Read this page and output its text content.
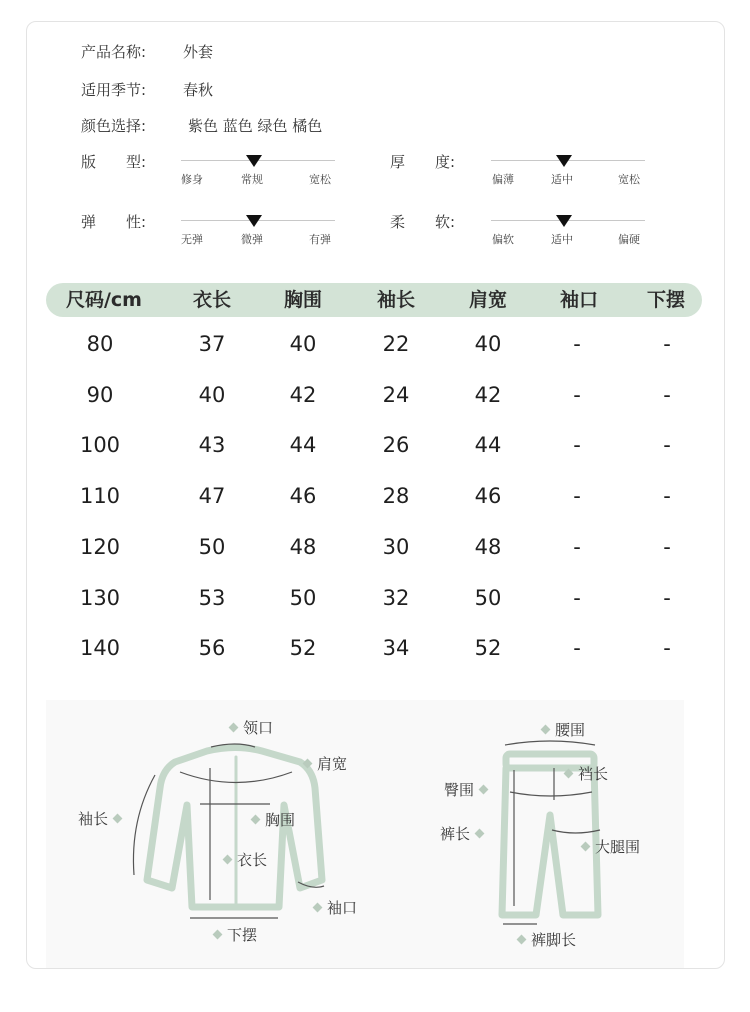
产品名称: 外套
适用季节: 春秋
颜色选择:	紫色 蓝色 绿色 橘色
版　　型:
修身	常规	宽松
厚　　度:
偏薄	适中	宽松
弹　　性:
无弹	微弹	有弹
柔　　软:
偏软	适中	偏硬
尺码/cm	衣长	胸围	袖长	肩宽	袖口	下摆
80	37	40	22	40	-	-
90	40	42	24	42	-	-
100	43	44	26	44	-	-
110	47	46	28	46	-	-
120	50	48	30	48	-	-
130	53	50	32	50	-	-
140	56	52	34	52	-	-
领口
肩宽
袖长	胸围
衣长
袖口
下摆
腰围
裆长
臀围
裤长
大腿围
裤脚长
